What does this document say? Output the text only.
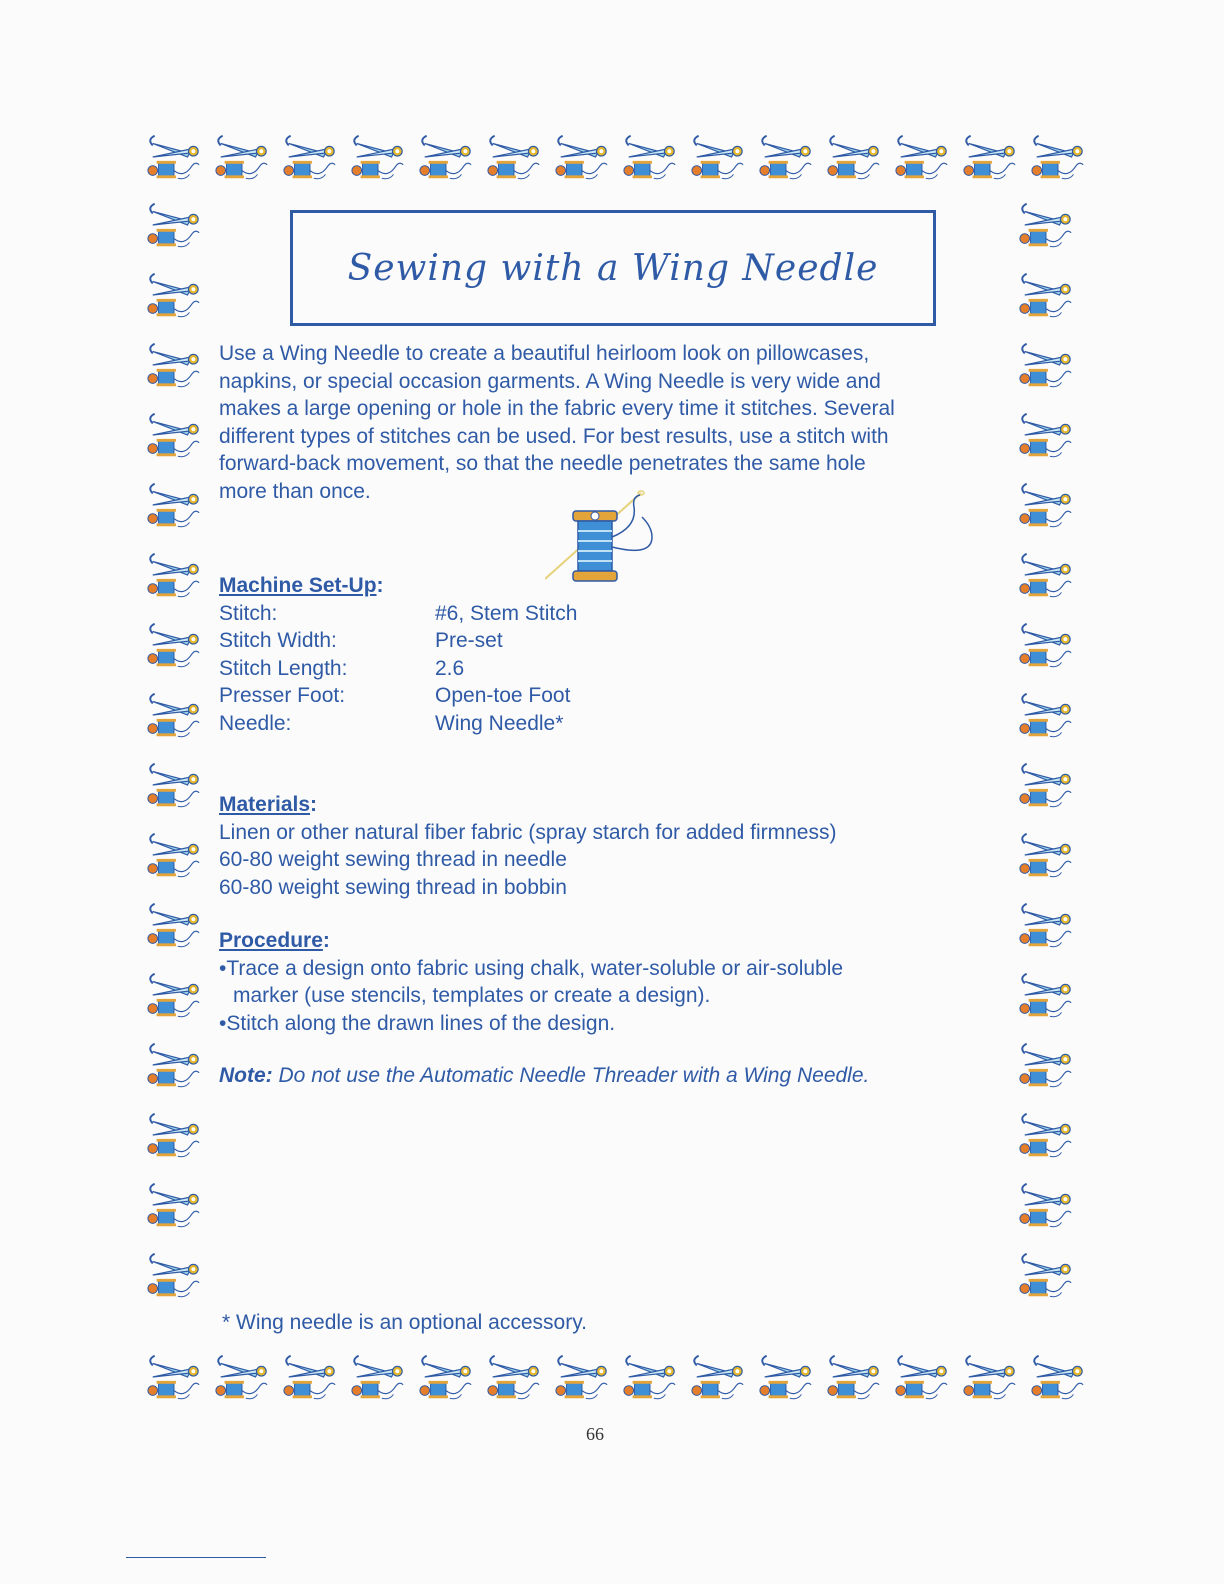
Sewing with a Wing Needle
Use a Wing Needle to create a beautiful heirloom look on pillowcases,
napkins, or special occasion garments. A Wing Needle is very wide and
makes a large opening or hole in the fabric every time it stitches. Several
different types of stitches can be used. For best results, use a stitch with
forward-back movement, so that the needle penetrates the same hole
more than once.
Machine Set-Up:
Stitch:	#6, Stem Stitch
Stitch Width:	Pre-set
Stitch Length:	2.6
Presser Foot:	Open-toe Foot
Needle:	Wing Needle*
Materials:
Linen or other natural fiber fabric (spray starch for added firmness)
60-80 weight sewing thread in needle
60-80 weight sewing thread in bobbin
Procedure:
•Trace a design onto fabric using chalk, water-soluble or air-soluble
marker (use stencils, templates or create a design).
•Stitch along the drawn lines of the design.
Note: Do not use the Automatic Needle Threader with a Wing Needle.
* Wing needle is an optional accessory.
66
